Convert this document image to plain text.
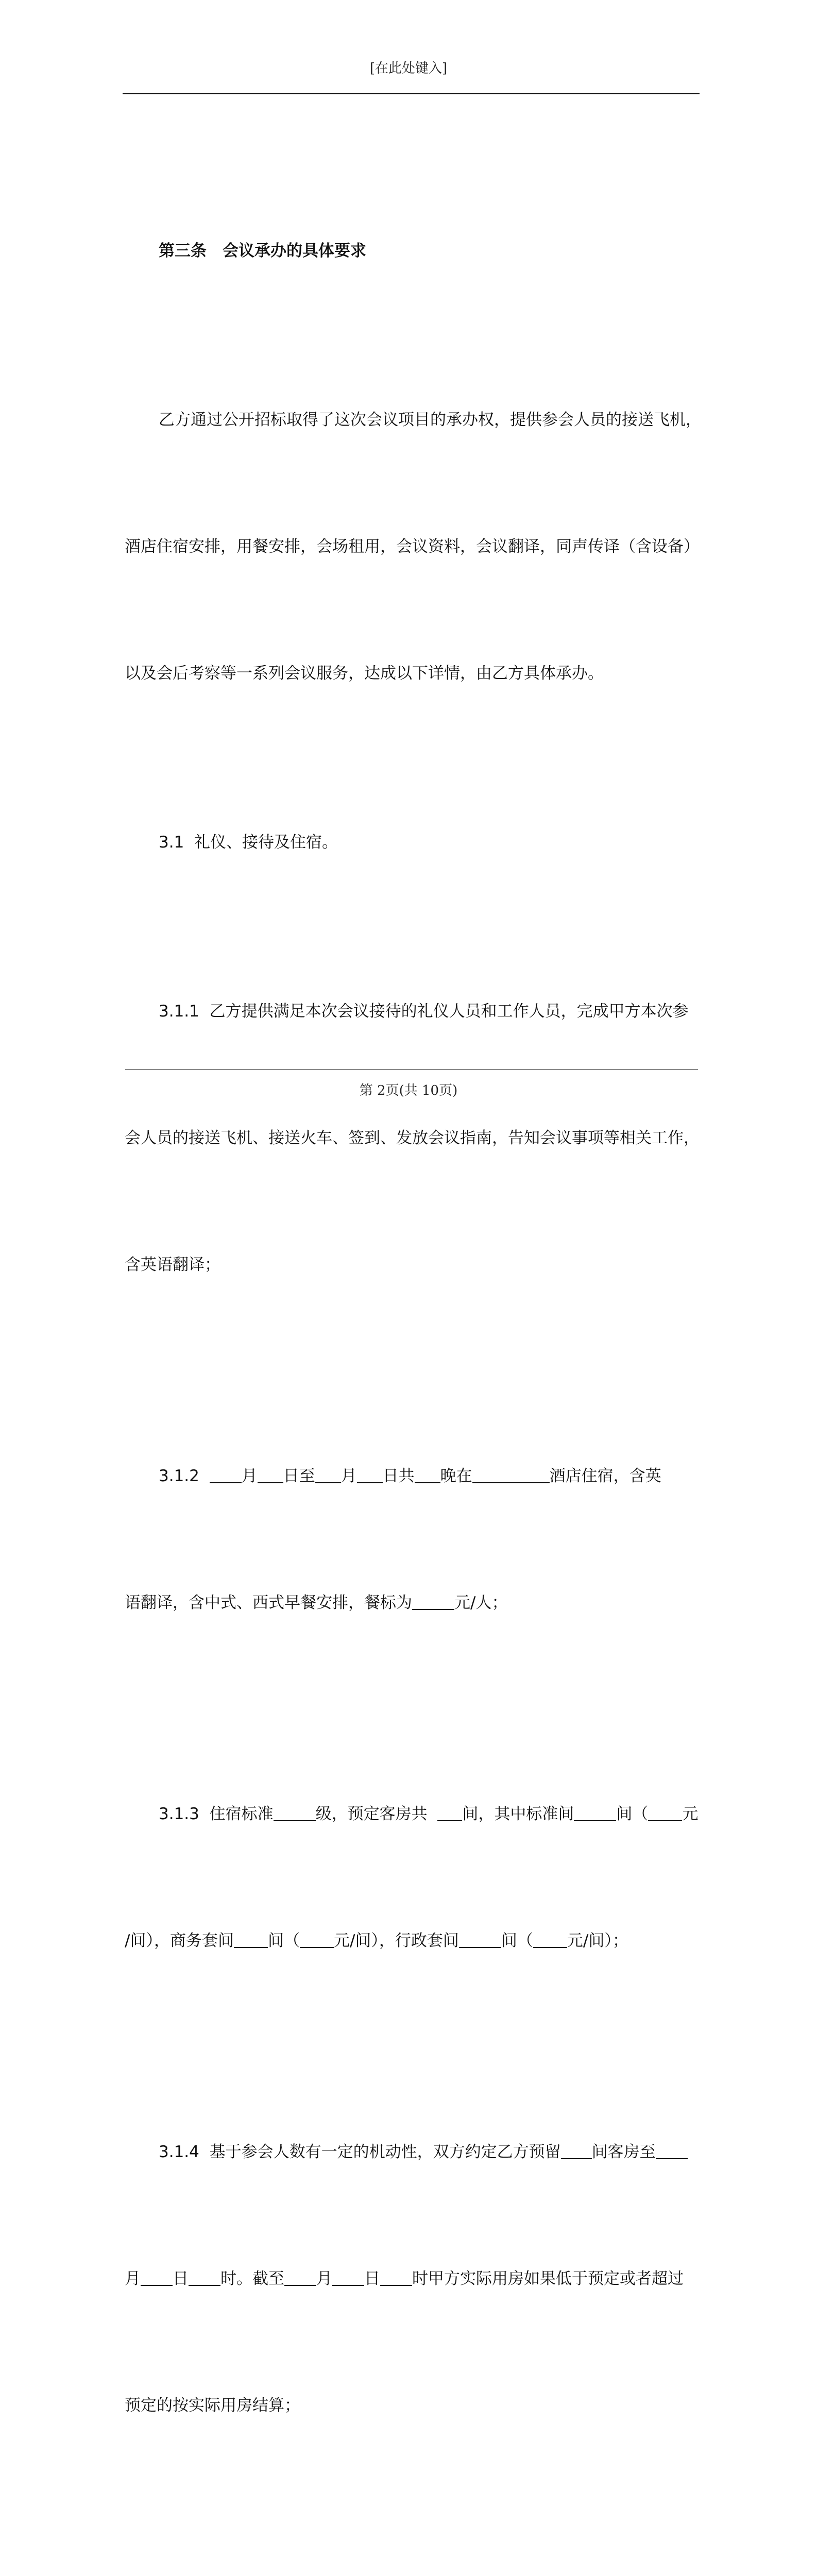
[在此处键入]

第三条　会议承办的具体要求

乙方通过公开招标取得了这次会议项目的承办权，提供参会人员的接送飞机，

酒店住宿安排，用餐安排，会场租用，会议资料，会议翻译，同声传译（含设备）

以及会后考察等一系列会议服务，达成以下详情，由乙方具体承办。

3.1  礼仪、接待及住宿。

3.1.1  乙方提供满足本次会议接待的礼仪人员和工作人员，完成甲方本次参

会人员的接送飞机、接送火车、签到、发放会议指南，告知会议事项等相关工作，

含英语翻译；

3.1.2	月 日至 月 日共 晚在	酒店住宿，含英

语翻译，含中式、西式早餐安排，餐标为	元/人；

3.1.3 住宿标准	级，预定客房共 间，其中标准间	间（ 元

/间），商务套间 间（ 元/间），行政套间	间（ 元/间）；

3.1.4 基于参会人数有一定的机动性，双方约定乙方预留 间客房至

月 日 时。截至 月 日 时甲方实际用房如果低于预定或者超过

预定的按实际用房结算；

第 2页(共 10页)
